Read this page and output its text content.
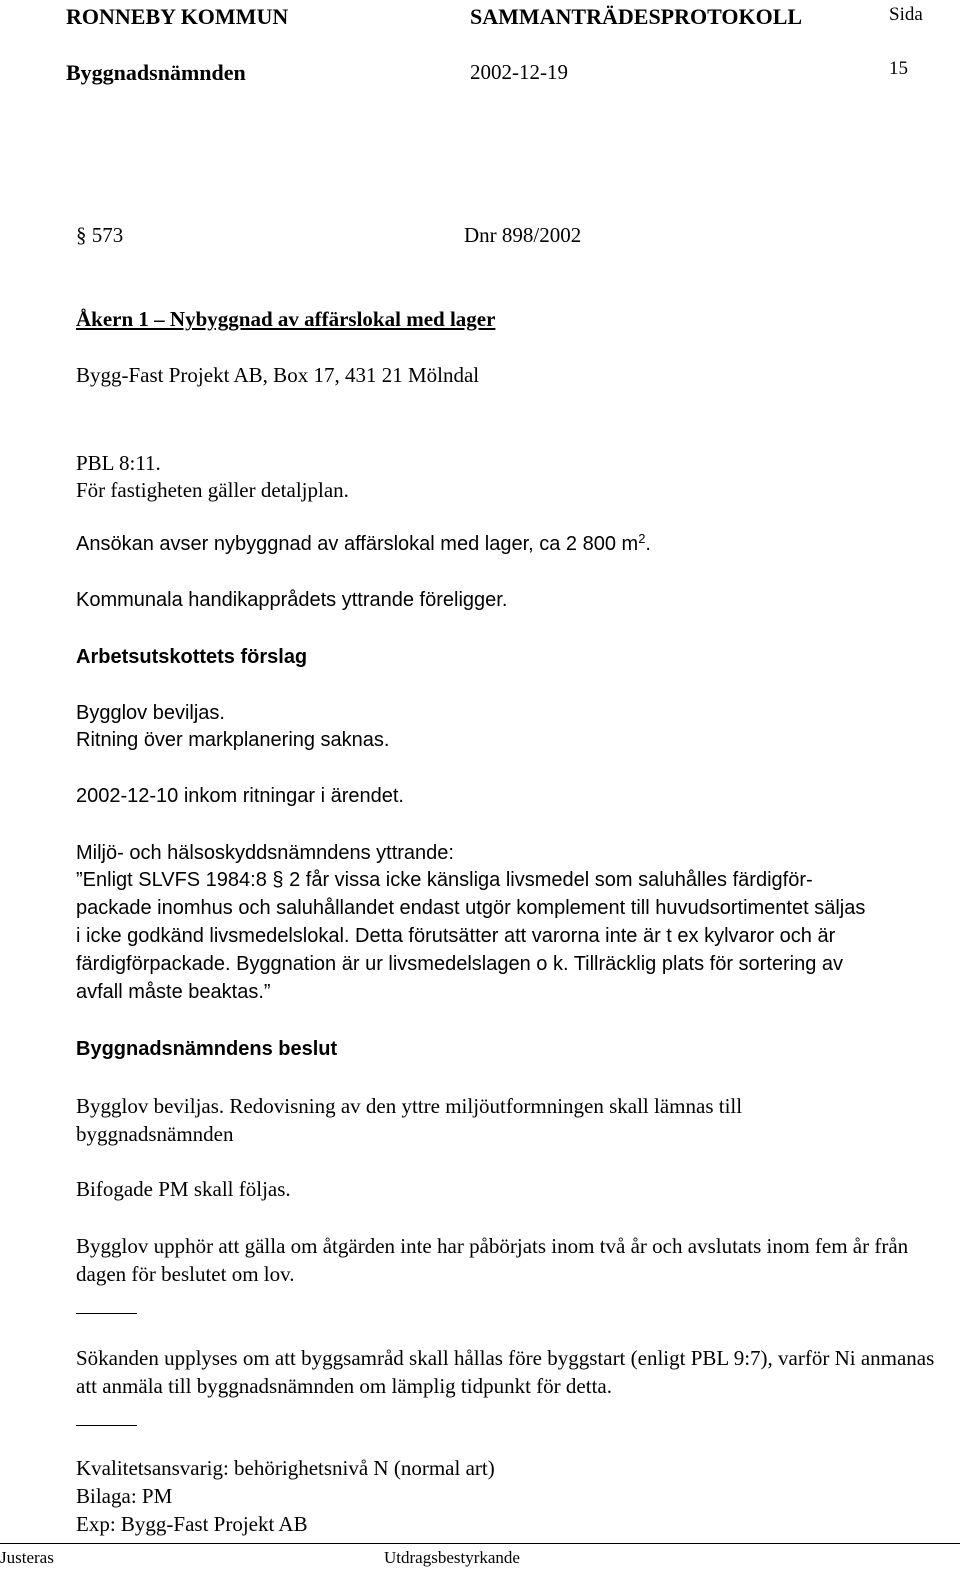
RONNEBY KOMMUN	SAMMANTRÄDESPROTOKOLL	Sida
Byggnadsnämnden	2002-12-19	15
§ 573	Dnr 898/2002
Åkern 1 – Nybyggnad av affärslokal med lager
Bygg-Fast Projekt AB, Box 17, 431 21 Mölndal
PBL 8:11.
För fastigheten gäller detaljplan.
Ansökan avser nybyggnad av affärslokal med lager, ca 2 800 $m^2$.
Kommunala handikapprådets yttrande föreligger.
Arbetsutskottets förslag
Bygglov beviljas.
Ritning över markplanering saknas.
2002-12-10 inkom ritningar i ärendet.
Miljö- och hälsoskyddsnämndens yttrande:
”Enligt SLVFS 1984:8 § 2 får vissa icke känsliga livsmedel som saluhålles färdigför-
packade inomhus och saluhållandet endast utgör komplement till huvudsortimentet säljas
i icke godkänd livsmedelslokal. Detta förutsätter att varorna inte är t ex kylvaror och är
färdigförpackade. Byggnation är ur livsmedelslagen o k. Tillräcklig plats för sortering av
avfall måste beaktas.”
Byggnadsnämndens beslut
Bygglov beviljas. Redovisning av den yttre miljöutformningen skall lämnas till byggnadsnämnden
Bifogade PM skall följas.
Bygglov upphör att gälla om åtgärden inte har påbörjats inom två år och avslutats inom fem år från dagen för beslutet om lov.
Sökanden upplyses om att byggsamråd skall hållas före byggstart (enligt PBL 9:7), varför Ni anmanas att anmäla till byggnadsnämnden om lämplig tidpunkt för detta.
Kvalitetsansvarig: behörighetsnivå N (normal art)
Bilaga: PM
Exp: Bygg-Fast Projekt AB
Justeras	Utdragsbestyrkande
